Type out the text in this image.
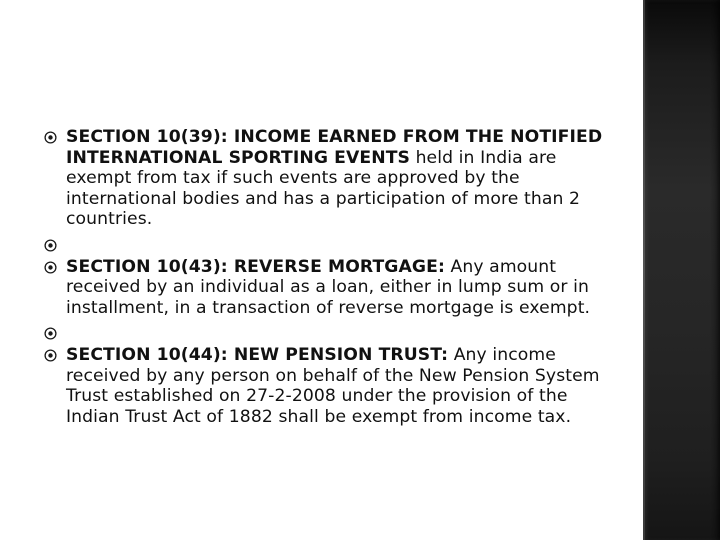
SECTION 10(39): INCOME EARNED FROM THE NOTIFIED INTERNATIONAL SPORTING EVENTS held in India are exempt from tax if such events are approved by the international bodies and has a participation of more than 2 countries.
SECTION 10(43): REVERSE MORTGAGE: Any amount received by an individual as a loan, either in lump sum or in installment, in a transaction of reverse mortgage is exempt.
SECTION 10(44): NEW PENSION TRUST: Any income received by any person on behalf of the New Pension System Trust established on 27-2-2008 under the provision of the Indian Trust Act of 1882 shall be exempt from income tax.
